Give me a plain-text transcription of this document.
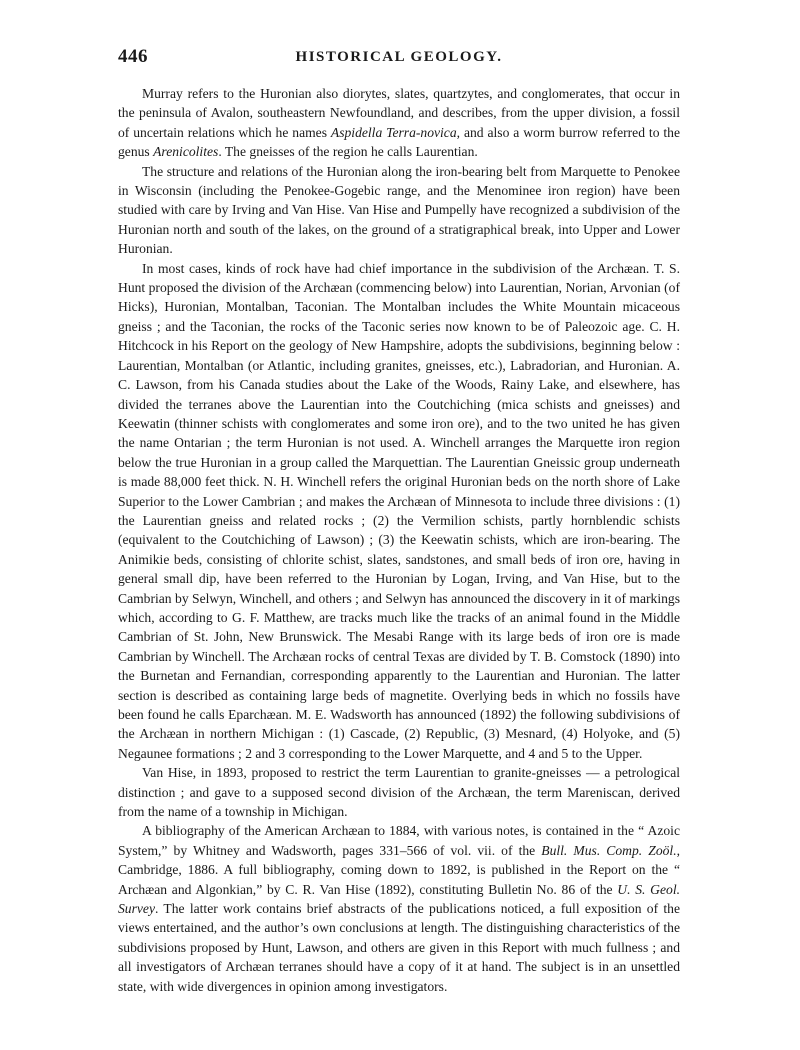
446	HISTORICAL GEOLOGY.

Murray refers to the Huronian also diorytes, slates, quartzytes, and conglomerates, that occur in the peninsula of Avalon, southeastern Newfoundland, and describes, from the upper division, a fossil of uncertain relations which he names Aspidella Terra-novica, and also a worm burrow referred to the genus Arenicolites. The gneisses of the region he calls Laurentian.

The structure and relations of the Huronian along the iron-bearing belt from Marquette to Penokee in Wisconsin (including the Penokee-Gogebic range, and the Menominee iron region) have been studied with care by Irving and Van Hise. Van Hise and Pumpelly have recognized a subdivision of the Huronian north and south of the lakes, on the ground of a stratigraphical break, into Upper and Lower Huronian.

In most cases, kinds of rock have had chief importance in the subdivision of the Archæan. T. S. Hunt proposed the division of the Archæan (commencing below) into Laurentian, Norian, Arvonian (of Hicks), Huronian, Montalban, Taconian. The Montalban includes the White Mountain micaceous gneiss ; and the Taconian, the rocks of the Taconic series now known to be of Paleozoic age. C. H. Hitchcock in his Report on the geology of New Hampshire, adopts the subdivisions, beginning below : Laurentian, Montalban (or Atlantic, including granites, gneisses, etc.), Labradorian, and Huronian. A. C. Lawson, from his Canada studies about the Lake of the Woods, Rainy Lake, and elsewhere, has divided the terranes above the Laurentian into the Coutchiching (mica schists and gneisses) and Keewatin (thinner schists with conglomerates and some iron ore), and to the two united he has given the name Ontarian ; the term Huronian is not used. A. Winchell arranges the Marquette iron region below the true Huronian in a group called the Marquettian. The Laurentian Gneissic group underneath is made 88,000 feet thick. N. H. Winchell refers the original Huronian beds on the north shore of Lake Superior to the Lower Cambrian ; and makes the Archæan of Minnesota to include three divisions : (1) the Laurentian gneiss and related rocks ; (2) the Vermilion schists, partly hornblendic schists (equivalent to the Coutchiching of Lawson) ; (3) the Keewatin schists, which are iron-bearing. The Animikie beds, consisting of chlorite schist, slates, sandstones, and small beds of iron ore, having in general small dip, have been referred to the Huronian by Logan, Irving, and Van Hise, but to the Cambrian by Selwyn, Winchell, and others ; and Selwyn has announced the discovery in it of markings which, according to G. F. Matthew, are tracks much like the tracks of an animal found in the Middle Cambrian of St. John, New Brunswick. The Mesabi Range with its large beds of iron ore is made Cambrian by Winchell. The Archæan rocks of central Texas are divided by T. B. Comstock (1890) into the Burnetan and Fernandian, corresponding apparently to the Laurentian and Huronian. The latter section is described as containing large beds of magnetite. Overlying beds in which no fossils have been found he calls Eparchæan. M. E. Wadsworth has announced (1892) the following subdivisions of the Archæan in northern Michigan : (1) Cascade, (2) Republic, (3) Mesnard, (4) Holyoke, and (5) Negaunee formations ; 2 and 3 corresponding to the Lower Marquette, and 4 and 5 to the Upper.

Van Hise, in 1893, proposed to restrict the term Laurentian to granite-gneisses — a petrological distinction ; and gave to a supposed second division of the Archæan, the term Mareniscan, derived from the name of a township in Michigan.

A bibliography of the American Archæan to 1884, with various notes, is contained in the “ Azoic System,” by Whitney and Wadsworth, pages 331–566 of vol. vii. of the Bull. Mus. Comp. Zoöl., Cambridge, 1886. A full bibliography, coming down to 1892, is published in the Report on the “ Archæan and Algonkian,” by C. R. Van Hise (1892), constituting Bulletin No. 86 of the U. S. Geol. Survey. The latter work contains brief abstracts of the publications noticed, a full exposition of the views entertained, and the author’s own conclusions at length. The distinguishing characteristics of the subdivisions proposed by Hunt, Lawson, and others are given in this Report with much fullness ; and all investigators of Archæan terranes should have a copy of it at hand. The subject is in an unsettled state, with wide divergences in opinion among investigators.
